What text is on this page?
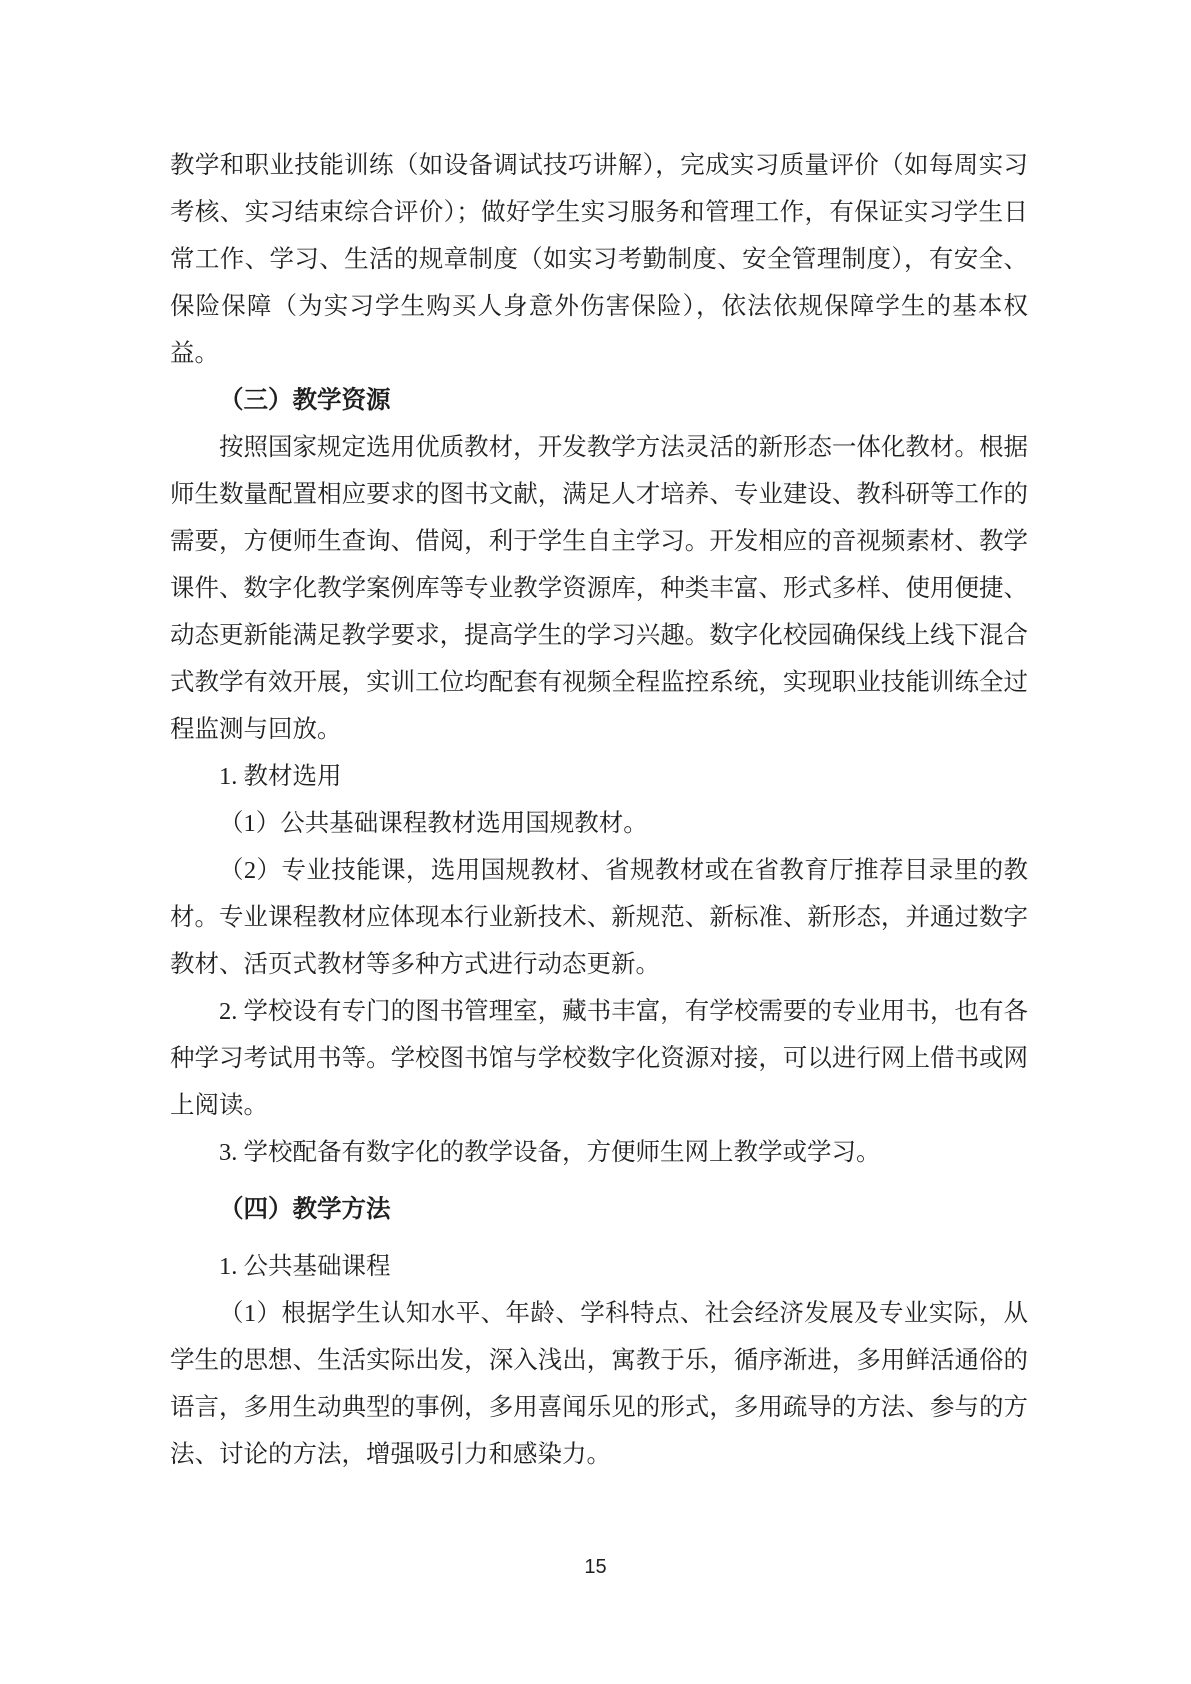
教学和职业技能训练（如设备调试技巧讲解），完成实习质量评价（如每周实习考核、实习结束综合评价）；做好学生实习服务和管理工作，有保证实习学生日常工作、学习、生活的规章制度（如实习考勤制度、安全管理制度），有安全、保险保障（为实习学生购买人身意外伤害保险），依法依规保障学生的基本权益。

（三）教学资源

按照国家规定选用优质教材，开发教学方法灵活的新形态一体化教材。根据师生数量配置相应要求的图书文献，满足人才培养、专业建设、教科研等工作的需要，方便师生查询、借阅，利于学生自主学习。开发相应的音视频素材、教学课件、数字化教学案例库等专业教学资源库，种类丰富、形式多样、使用便捷、动态更新能满足教学要求，提高学生的学习兴趣。数字化校园确保线上线下混合式教学有效开展，实训工位均配套有视频全程监控系统，实现职业技能训练全过程监测与回放。

1. 教材选用

（1）公共基础课程教材选用国规教材。

（2）专业技能课，选用国规教材、省规教材或在省教育厅推荐目录里的教材。专业课程教材应体现本行业新技术、新规范、新标准、新形态，并通过数字教材、活页式教材等多种方式进行动态更新。

2. 学校设有专门的图书管理室，藏书丰富，有学校需要的专业用书，也有各种学习考试用书等。学校图书馆与学校数字化资源对接，可以进行网上借书或网上阅读。

3. 学校配备有数字化的教学设备，方便师生网上教学或学习。

（四）教学方法

1. 公共基础课程

（1）根据学生认知水平、年龄、学科特点、社会经济发展及专业实际，从学生的思想、生活实际出发，深入浅出，寓教于乐，循序渐进，多用鲜活通俗的语言，多用生动典型的事例，多用喜闻乐见的形式，多用疏导的方法、参与的方法、讨论的方法，增强吸引力和感染力。

15
